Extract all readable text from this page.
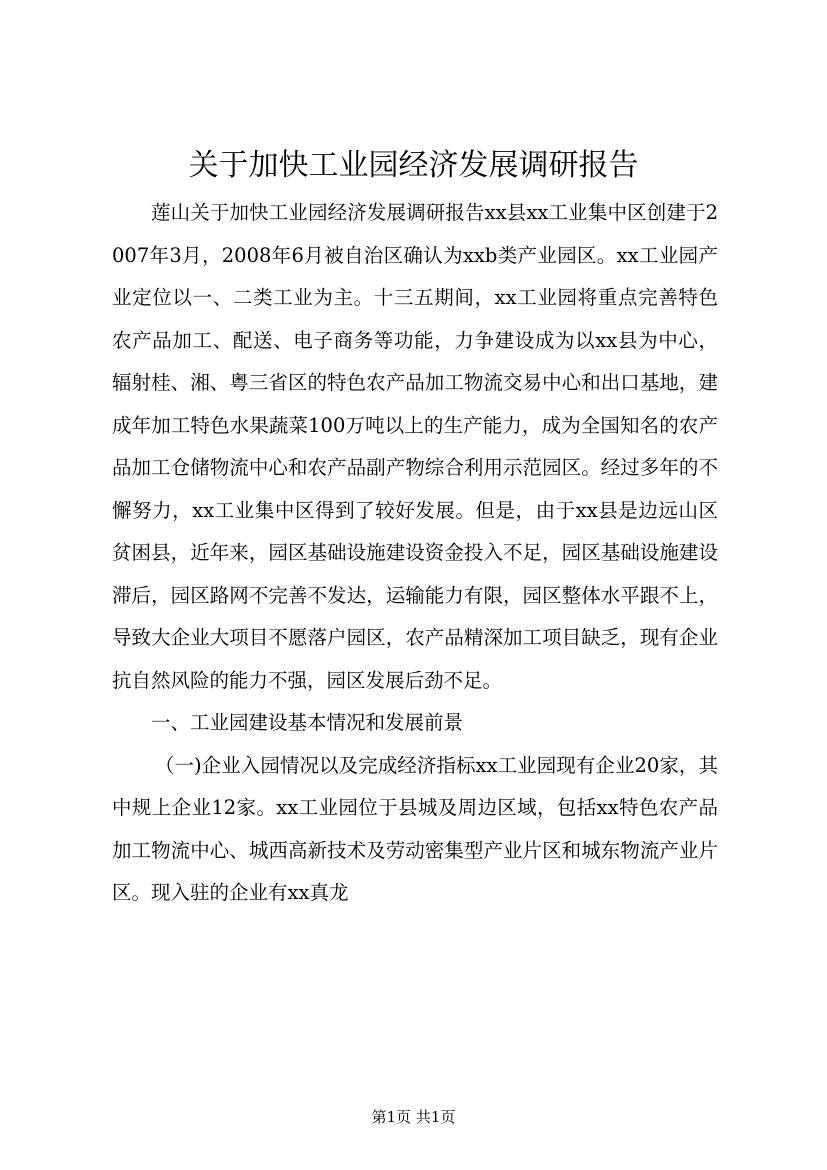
关于加快工业园经济发展调研报告

莲山关于加快工业园经济发展调研报告xx县xx工业集中区创建于2007年3月，2008年6月被自治区确认为xxb类产业园区。xx工业园产业定位以一、二类工业为主。十三五期间，xx工业园将重点完善特色农产品加工、配送、电子商务等功能，力争建设成为以xx县为中心，辐射桂、湘、粤三省区的特色农产品加工物流交易中心和出口基地，建成年加工特色水果蔬菜100万吨以上的生产能力，成为全国知名的农产品加工仓储物流中心和农产品副产物综合利用示范园区。经过多年的不懈努力，xx工业集中区得到了较好发展。但是，由于xx县是边远山区贫困县，近年来，园区基础设施建设资金投入不足，园区基础设施建设滞后，园区路网不完善不发达，运输能力有限，园区整体水平跟不上，导致大企业大项目不愿落户园区，农产品精深加工项目缺乏，现有企业抗自然风险的能力不强，园区发展后劲不足。

一、工业园建设基本情况和发展前景

（一)企业入园情况以及完成经济指标xx工业园现有企业20家，其中规上企业12家。xx工业园位于县城及周边区域，包括xx特色农产品加工物流中心、城西高新技术及劳动密集型产业片区和城东物流产业片区。现入驻的企业有xx真龙

第1页 共1页
